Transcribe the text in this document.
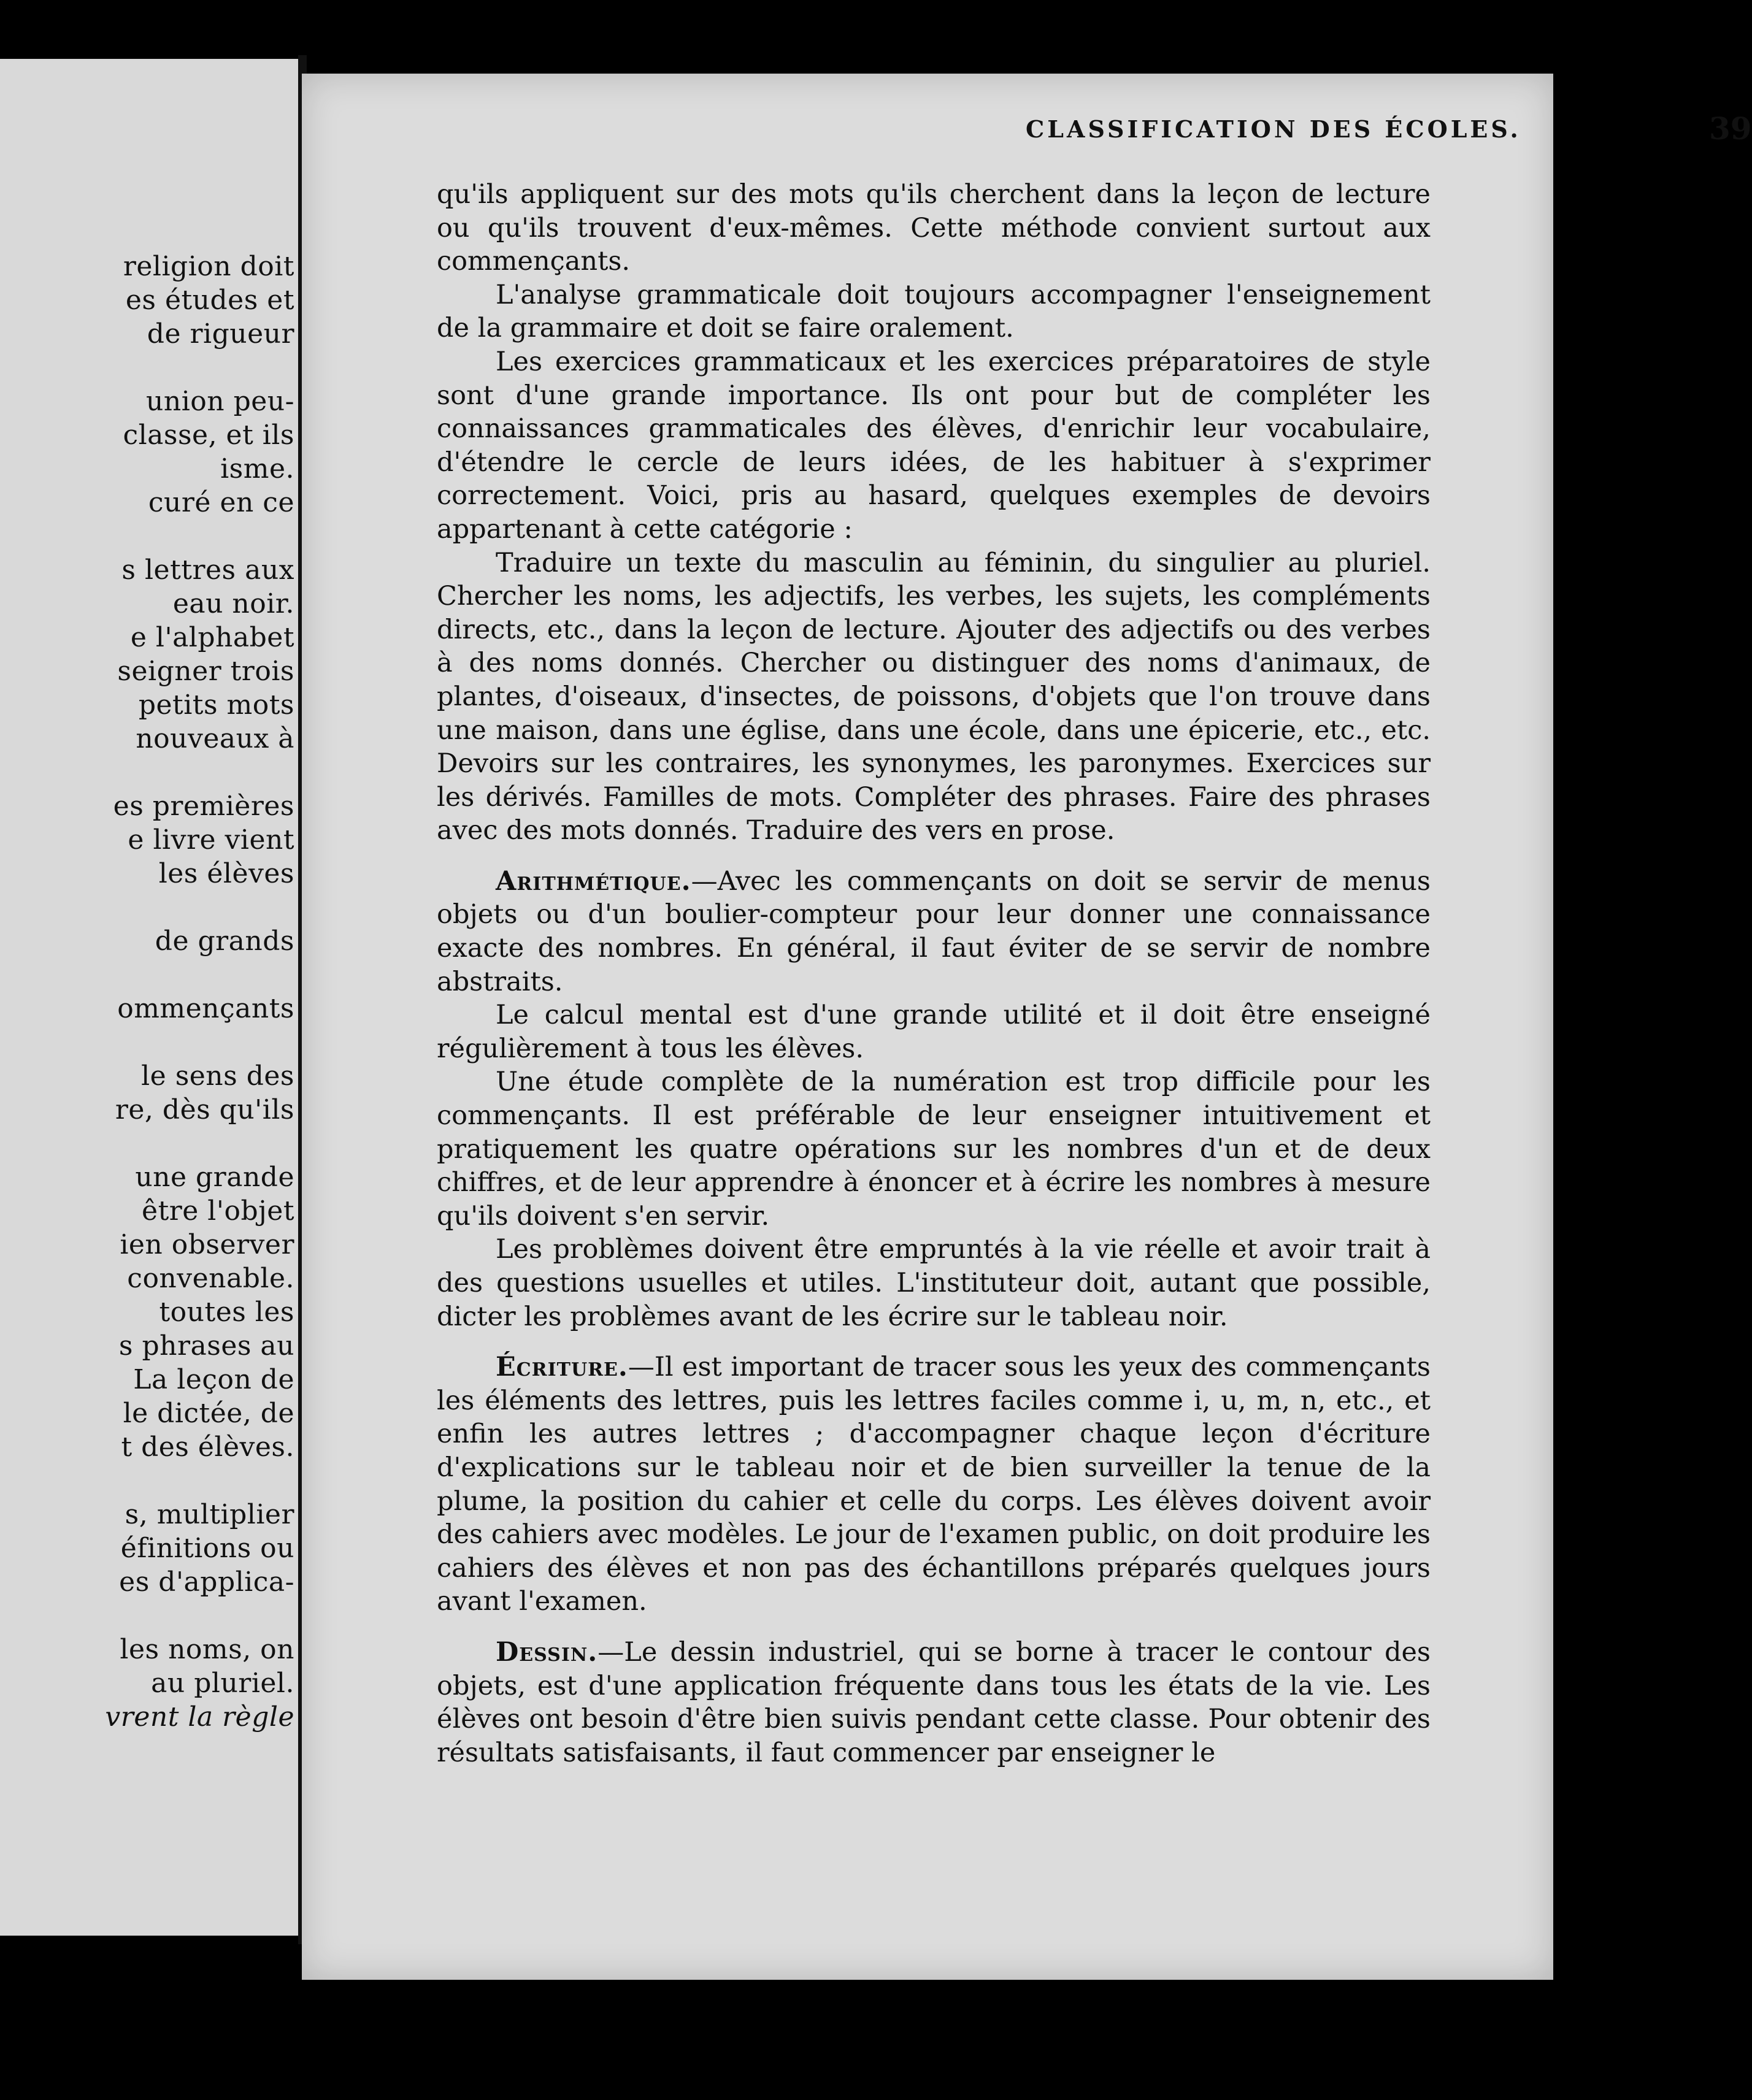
religion doit
es études et
de rigueur
union peu-
classe, et ils
isme.
curé en ce
s lettres aux
eau noir.
e l'alphabet
seigner trois
petits mots
nouveaux à
es premières
e livre vient
les élèves
de grands
ommençants
le sens des
re, dès qu'ils
une grande
être l'objet
ien observer
convenable.
toutes les
s phrases au
La leçon de
le dictée, de
t des élèves.
s, multiplier
éfinitions ou
es d'applica-
les noms, on
au pluriel.
vrent la règle
CLASSIFICATION DES ÉCOLES.	39

qu'ils appliquent sur des mots qu'ils cherchent dans la leçon de lecture ou qu'ils trouvent d'eux-mêmes. Cette méthode convient surtout aux commençants.

L'analyse grammaticale doit toujours accompagner l'enseignement de la grammaire et doit se faire oralement.

Les exercices grammaticaux et les exercices préparatoires de style sont d'une grande importance. Ils ont pour but de compléter les connaissances grammaticales des élèves, d'enrichir leur vocabulaire, d'étendre le cercle de leurs idées, de les habituer à s'exprimer correctement. Voici, pris au hasard, quelques exemples de devoirs appartenant à cette catégorie :

Traduire un texte du masculin au féminin, du singulier au pluriel. Chercher les noms, les adjectifs, les verbes, les sujets, les compléments directs, etc., dans la leçon de lecture. Ajouter des adjectifs ou des verbes à des noms donnés. Chercher ou distinguer des noms d'animaux, de plantes, d'oiseaux, d'insectes, de poissons, d'objets que l'on trouve dans une maison, dans une église, dans une école, dans une épicerie, etc., etc. Devoirs sur les contraires, les synonymes, les paronymes. Exercices sur les dérivés. Familles de mots. Compléter des phrases. Faire des phrases avec des mots donnés. Traduire des vers en prose.

Arithmétique.—Avec les commençants on doit se servir de menus objets ou d'un boulier-compteur pour leur donner une connaissance exacte des nombres. En général, il faut éviter de se servir de nombre abstraits.

Le calcul mental est d'une grande utilité et il doit être enseigné régulièrement à tous les élèves.

Une étude complète de la numération est trop difficile pour les commençants. Il est préférable de leur enseigner intuitivement et pratiquement les quatre opérations sur les nombres d'un et de deux chiffres, et de leur apprendre à énoncer et à écrire les nombres à mesure qu'ils doivent s'en servir.

Les problèmes doivent être empruntés à la vie réelle et avoir trait à des questions usuelles et utiles. L'instituteur doit, autant que possible, dicter les problèmes avant de les écrire sur le tableau noir.

Écriture.—Il est important de tracer sous les yeux des commençants les éléments des lettres, puis les lettres faciles comme i, u, m, n, etc., et enfin les autres lettres ; d'accompagner chaque leçon d'écriture d'explications sur le tableau noir et de bien surveiller la tenue de la plume, la position du cahier et celle du corps. Les élèves doivent avoir des cahiers avec modèles. Le jour de l'examen public, on doit produire les cahiers des élèves et non pas des échantillons préparés quelques jours avant l'examen.

Dessin.—Le dessin industriel, qui se borne à tracer le contour des objets, est d'une application fréquente dans tous les états de la vie. Les élèves ont besoin d'être bien suivis pendant cette classe. Pour obtenir des résultats satisfaisants, il faut commencer par enseigner le
